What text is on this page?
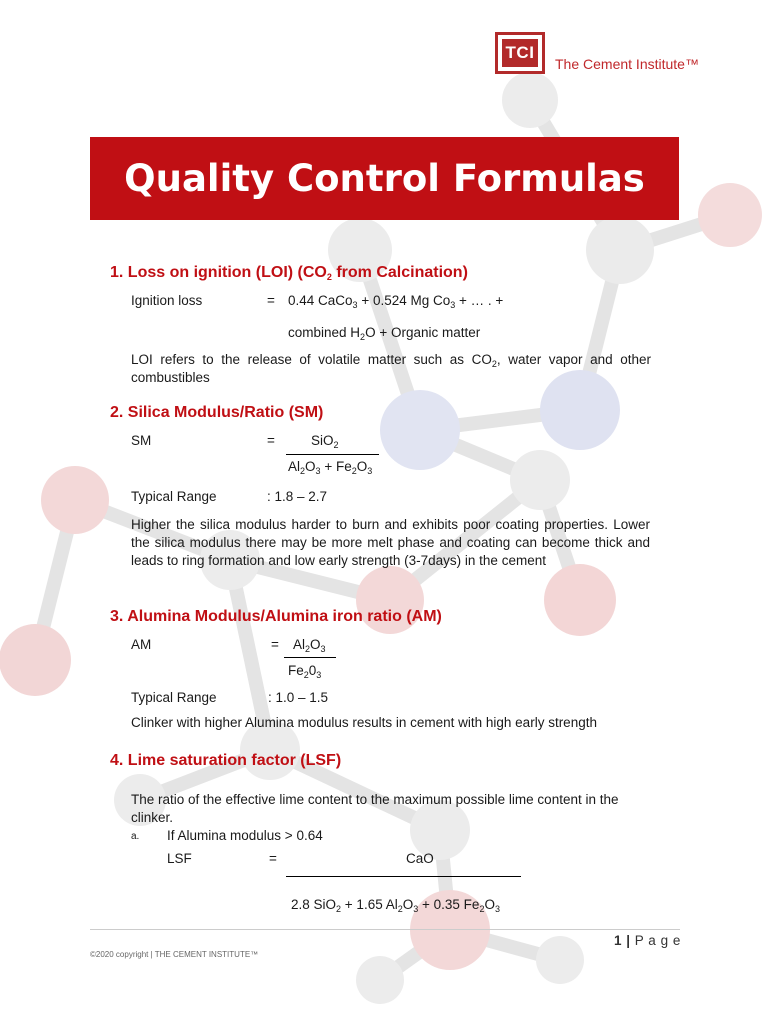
TCI
The Cement Institute™
Quality Control Formulas
1. Loss on ignition (LOI) ($CO_2$ from Calcination)
Ignition loss	= 0.44 CaCo$_3$ + 0.524 Mg $Co_3$ + … . +
combined $H_2O$ + Organic matter
LOI refers to the release of volatile matter such as $CO_2$, water vapor and other combustibles
2. Silica Modulus/Ratio (SM)
SM	=	SiO$_2$
$Al_2O_3 + Fe_2O_3$
Typical Range	: 1.8 – 2.7
Higher the silica modulus harder to burn and exhibits poor coating properties. Lower the silica modulus there may be more melt phase and coating can become thick and leads to ring formation and low early strength (3-7days) in the cement
3. Alumina Modulus/Alumina iron ratio (AM)
AM	= $Al_2O_3$
$Fe_20_3$
Typical Range	: 1.0 – 1.5
Clinker with higher Alumina modulus results in cement with high early strength
4. Lime saturation factor (LSF)
The ratio of the effective lime content to the maximum possible lime content in the clinker.
a. If Alumina modulus > 0.64
LSF	=	CaO
2.8 SiO$_2$ + 1.65 $Al_2O_3 + 0.35$ $Fe_2O_3$
1 | P a g e
©2020 copyright | THE CEMENT INSTITUTE™
